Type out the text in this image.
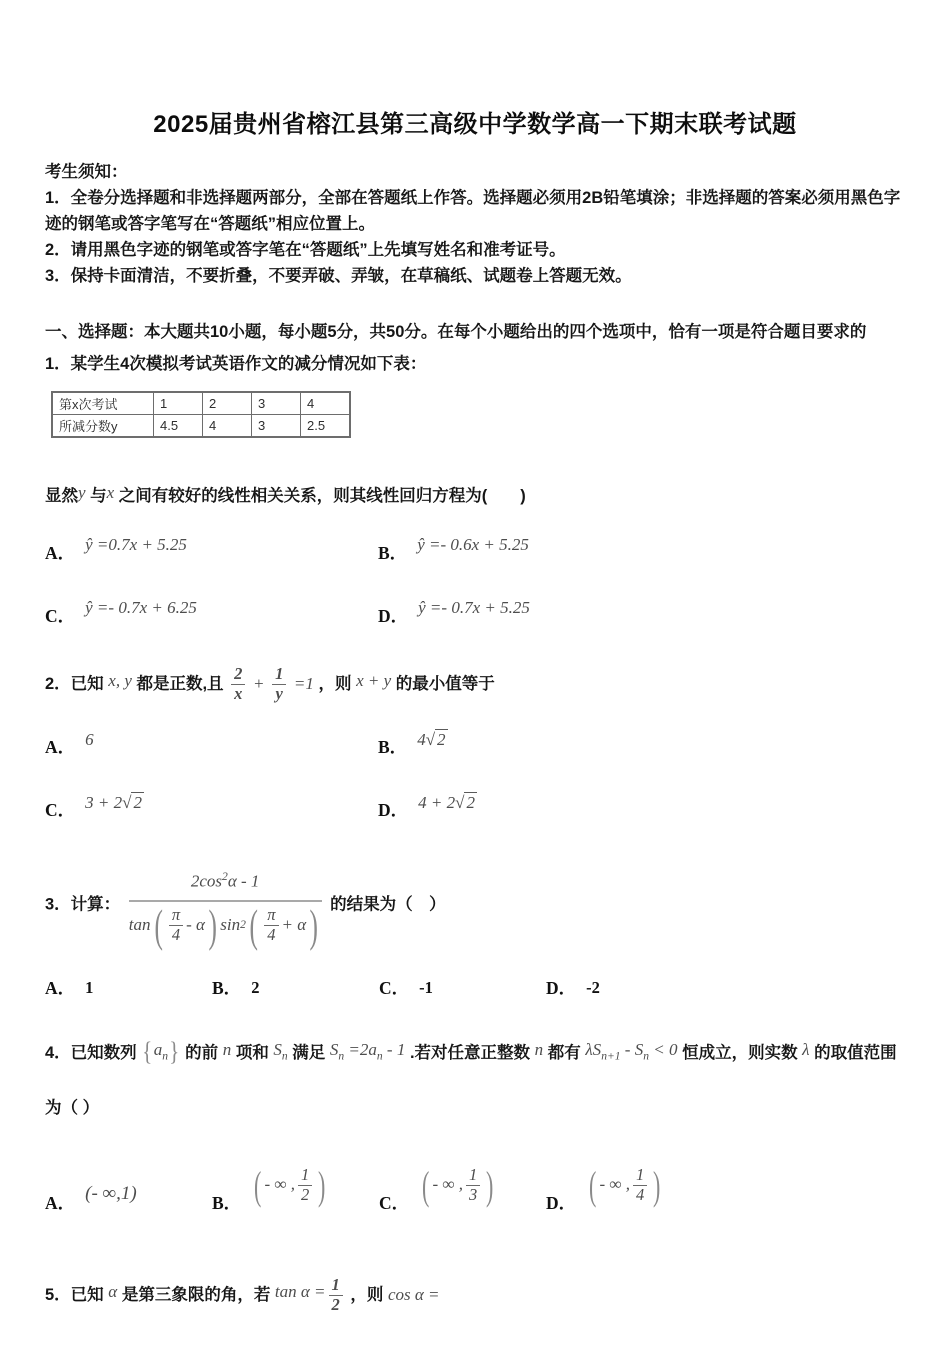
2025届贵州省榕江县第三高级中学数学高一下期末联考试题

考生须知：

1．全卷分选择题和非选择题两部分，全部在答题纸上作答。选择题必须用2B铅笔填涂；非选择题的答案必须用黑色字迹的钢笔或答字笔写在“答题纸”相应位置上。

2．请用黑色字迹的钢笔或答字笔在“答题纸”上先填写姓名和准考证号。

3．保持卡面清洁，不要折叠，不要弄破、弄皱，在草稿纸、试题卷上答题无效。

一、选择题：本大题共10小题，每小题5分，共50分。在每个小题给出的四个选项中，恰有一项是符合题目要求的

1．某学生4次模拟考试英语作文的减分情况如下表：

第x次考试	1	2	3	4
所减分数y	4.5	4	3	2.5

显然y 与x 之间有较好的线性相关关系，则其线性回归方程为(　　)

A． ŷ =0.7x + 5.25	B． ŷ =- 0.6x + 5.25
C． ŷ =- 0.7x + 6.25	D． ŷ =- 0.7x + 5.25

2．已知 x, y 都是正数,且 $\frac{2}{x} + \frac{1}{y} =1$ ，则 x + y 的最小值等于

A． 6	B． 4√ 2
C． 3 + 2√ 2	D． 4 + 2√ 2
3．计算： $2\cos^2\alpha - 1$
tan ( $\frac{\pi}{4}$ - α ) sin 2 ( $\frac{\pi}{4} + \alpha$ ) 的结果为（　）
A． 1	B． 2	C． -1	D． -2

4．已知数列 $\{a_n\}$ 的前 n 项和 $S_n$ 满足 $S_n =2a_n - 1$ .若对任意正整数 n 都有 $\lambda S_{n+1} - S_n < 0$ 恒成立，则实数 λ 的取值范围为（ ）

A． (- ∞,1)	B． ( - ∞ , $\frac{1}{2}$ )	C． ( - ∞ , $\frac{1}{3}$ )	D． ( - ∞ , $\frac{1}{4}$ )

5．已知 α 是第三象限的角，若 $\tan \alpha = \frac{1}{2}$ ，则 cos α =
